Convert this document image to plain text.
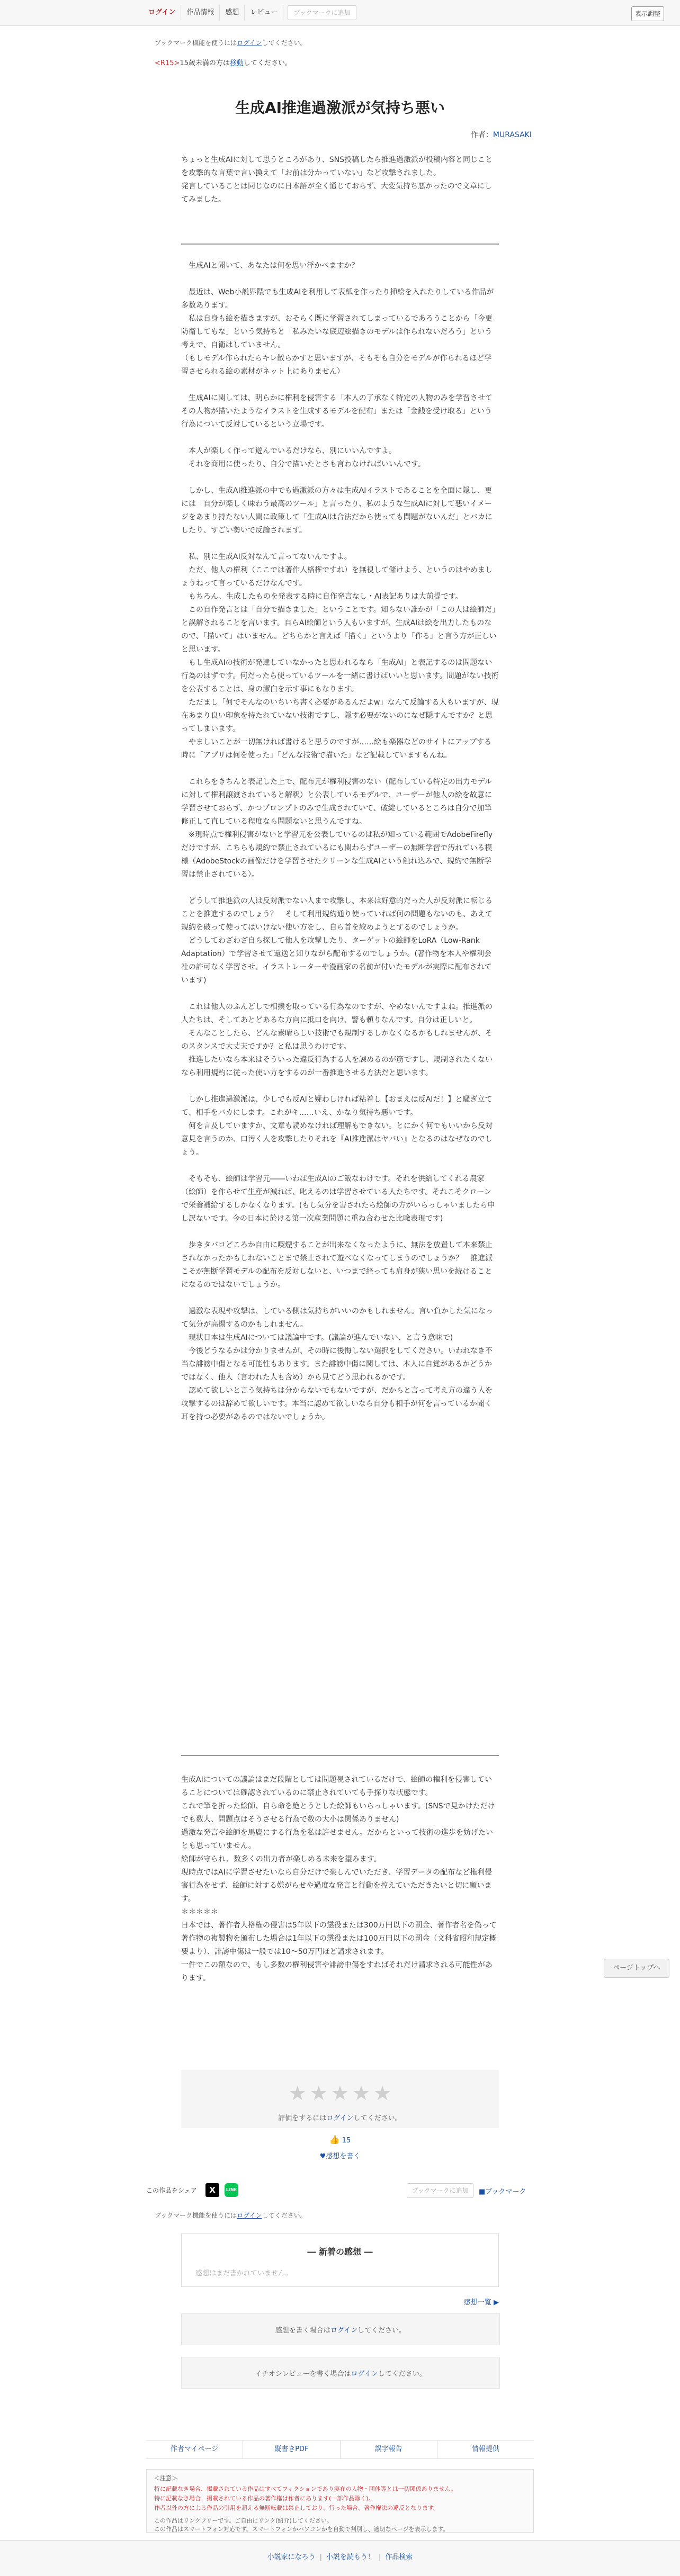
ログイン	作品情報	感想	レビュー	ブックマークに追加	表示調整
ブックマーク機能を使うにはログインしてください。
<R15>15歳未満の方は移動してください。
生成AI推進過激派が気持ち悪い
作者：MURASAKI

ちょっと生成AIに対して思うところがあり、SNS投稿したら推進過激派が投稿内容と同じことを攻撃的な言葉で言い換えて「お前は分かっていない」など攻撃されました。

発言していることは同じなのに日本語が全く通じておらず、大変気持ち悪かったので文章にしてみました。

　生成AIと聞いて、あなたは何を思い浮かべますか？

　最近は、Web小説界隈でも生成AIを利用して表紙を作ったり挿絵を入れたりしている作品が多数あります。

　私は自身も絵を描きますが、おそらく既に学習されてしまっているであろうことから「今更防衛してもな」という気持ちと「私みたいな底辺絵描きのモデルは作られないだろう」という考えで、自衛はしていません。

（もしモデル作られたらキレ散らかすと思いますが、そもそも自分をモデルが作られるほど学習させられる絵の素材がネット上にありません）

　生成AIに関しては、明らかに権利を侵害する「本人の了承なく特定の人物のみを学習させてその人物が描いたようなイラストを生成するモデルを配布」または「金銭を受け取る」という行為について反対しているという立場です。

　本人が楽しく作って遊んでいるだけなら、別にいいんですよ。

　それを商用に使ったり、自分で描いたとさも言わなければいいんです。

　しかし、生成AI推進派の中でも過激派の方々は生成AIイラストであることを全面に隠し、更には「自分が楽しく味わう最高のツール」と言ったり、私のような生成AIに対して悪いイメージをあまり持たない人間に政策して「生成AIは合法だから使っても問題がないんだ」とバカにしたり、すごい勢いで反論されます。

　私、別に生成AI反対なんて言ってないんですよ。

　ただ、他人の権利（ここでは著作人格権ですね）を無視して儲けよう、というのはやめましょうねって言っているだけなんです。

　もちろん、生成したものを発表する時に自作発言なし・AI表記ありは大前提です。

　この自作発言とは「自分で描きました」ということです。知らない誰かが「この人は絵師だ」と誤解されることを言います。自らAI絵師という人もいますが、生成AIは絵を出力したものなので、「描いて」はいません。どちらかと言えば「描く」というより「作る」と言う方が正しいと思います。

　もし生成AIの技術が発達していなかったと思われるなら「生成AI」と表記するのは問題ない行為のはずです。何だったら使っているツールを一緒に書けばいいと思います。問題がない技術を公表することは、身の潔白を示す事にもなります。

　ただまし「何でそんなのいちいち書く必要があるんだよw」なんて反論する人もいますが、現在あまり良い印象を持たれていない技術ですし、隠す必要がないのになぜ隠すんですか？と思ってしまいます。

　やましいことが一切無ければ書けると思うのですが……絵も楽器などのサイトにアップする時に「アプリは何を使った」「どんな技術で描いた」など記載していますもんね。

　これらをきちんと表記した上で、配布元が権利侵害のない（配布している特定の出力モデルに対して権利譲渡されていると解釈）と公表しているモデルで、ユーザーが他人の絵を故意に学習させておらず、かつプロンプトのみで生成されていて、破綻しているところは自分で加筆修正して直している程度なら問題ないと思うんですね。

　※現時点で権利侵害がないと学習元を公表しているのは私が知っている範囲でAdobeFireflyだけですが、こちらも規約で禁止されているにも関わらずユーザーの無断学習で汚れている模様（AdobeStockの画像だけを学習させたクリーンな生成AIという触れ込みで、規約で無断学習は禁止されている）。

　どうして推進派の人は反対派でない人まで攻撃し、本来は好意的だった人が反対派に転じることを推進するのでしょう？　そして利用規約通り使っていれば何の問題もないのも、あえて規約を破って使ってはいけない使い方をし、自ら首を絞めようとするのでしょうか。

　どうしてわざわざ自ら探して他人を攻撃したり、ターゲットの絵師をLoRA（Low-Rank Adaptation）で学習させて還送と知りながら配布するのでしょうか。(著作物を本人や権利会社の許可なく学習させ、イラストレーターや漫画家の名前が付いたモデルが実際に配布されています)

　これは他人のふんどしで相撲を取っている行為なのですが、やめないんですよね。推進派の人たちは、そしてあとどあるな方向に抵口を向け、警も頼りなんです。自分は正しいと。

　そんなことしたら、どんな素晴らしい技術でも規制するしかなくなるかもしれませんが、そのスタンスで大丈夫ですか？と私は思うわけです。

　推進したいなら本来はそういった違反行為する人を諫めるのが筋ですし、規制されたくないなら利用規約に従った使い方をするのが一番推進させる方法だと思います。

　しかし推進過激派は、少しでも反AIと疑わしければ粘着し【おまえは反AIだ！】と騒ぎ立てて、相手をバカにします。これがキ……いえ、かなり気持ち悪いです。

　何を言及していますか、文章も読めなければ理解もできない。とにかく何でもいいから反対意見を言うのか、口汚く人を攻撃したりそれを『AI推進派はヤバい』となるのはなぜなのでしょう。

　そもそも、絵師は学習元――いわば生成AIのご飯なわけです。それを供給してくれる農家（絵師）を作らせて生産が減れば、叱えるのは学習させている人たちです。それこそクローンで栄養補給するしかなくなります。(もし気分を害されたら絵師の方がいらっしゃいましたら申し訳ないです。今の日本に於ける第一次産業問題に重ね合わせた比喩表現です)

　歩きタバコどころか自由に喫煙することが出来なくなったように、無法を放置して本来禁止されなかったかもしれないことまで禁止されて遊べなくなってしまうのでしょうか？　推進派こそが無断学習モデルの配布を反対しないと、いつまで経っても肩身が狭い思いを続けることになるのではないでしょうか。

　過激な表現や攻撃は、している側は気持ちがいいのかもしれません。言い負かした気になって気分が高揚するのかもしれません。

　現状日本は生成AIについては議論中です。(議論が進んでいない、と言う意味で)

　今後どうなるかは分かりませんが、その時に後悔しない選択をしてください。いわれなき不当な誹謗中傷となる可能性もあります。また誹謗中傷に関しては、本人に自覚があるかどうかではなく、他人（言われた人も含め）から見てどう思われるかです。

　認めて欲しいと言う気持ちは分からないでもないですが、だからと言って考え方の違う人を攻撃するのは辞めて欲しいです。本当に認めて欲しいなら自分も相手が何を言っているか聞く耳を持つ必要があるのではないでしょうか。

生成AIについての議論はまだ段階としては問題視されているだけで、絵師の権利を侵害していることについては確認されているのに禁止されていても手探りな状態です。

これで筆を折った絵師、自ら命を絶とうとした絵師もいらっしゃいます。(SNSで見かけただけでも数人、問題点はそうさせる行為で数の大小は関係ありません)

過激な発言や絵師を馬鹿にする行為を私は許せません。だからといって技術の進歩を妨げたいとも思っていません。

絵師が守られ、数多くの出力者が楽しめる未来を望みます。

現時点ではAIに学習させたいなら自分だけで楽しんでいただき、学習データの配布など権利侵害行為をせず、絵師に対する嫌がらせや過度な発言と行動を控えていただきたいと切に願います。

＊＊＊＊＊

日本では、著作者人格権の侵害は5年以下の懲役または300万円以下の罰金、著作者名を偽って著作物の複製物を頒布した場合は1年以下の懲役または100万円以下の罰金（文科省昭和規定概要より）、誹謗中傷は一般では10〜50万円ほど請求されます。

一件でこの額なので、もし多数の権利侵害や誹謗中傷をすればそれだけ請求される可能性があります。

ページトップへ
★ ★ ★ ★ ★
評価をするにはログインしてください。
👍 15
♥感想を書く
この作品をシェア	X	LINE	ブックマークに追加	■ブックマーク
ブックマーク機能を使うにはログインしてください。
― 新着の感想 ―
感想はまだ書かれていません。
感想一覧 ▶
感想を書く場合はログインしてください。
イチオシレビューを書く場合はログインしてください。
作者マイページ	縦書きPDF	誤字報告	情報提供
＜注意＞
特に記載なき場合、掲載されている作品はすべてフィクションであり実在の人物・団体等とは一切関係ありません。
特に記載なき場合、掲載されている作品の著作権は作者にあります(一部作品除く)。
作者以外の方による作品の引用を超える無断転載は禁止しており、行った場合、著作権法の違反となります。
この作品はリンクフリーです。ご自由にリンク(紹介)してください。
この作品はスマートフォン対応です。スマートフォンかパソコンかを自動で判別し、適切なページを表示します。
小説家になろう | 小説を読もう！ | 作品検索
